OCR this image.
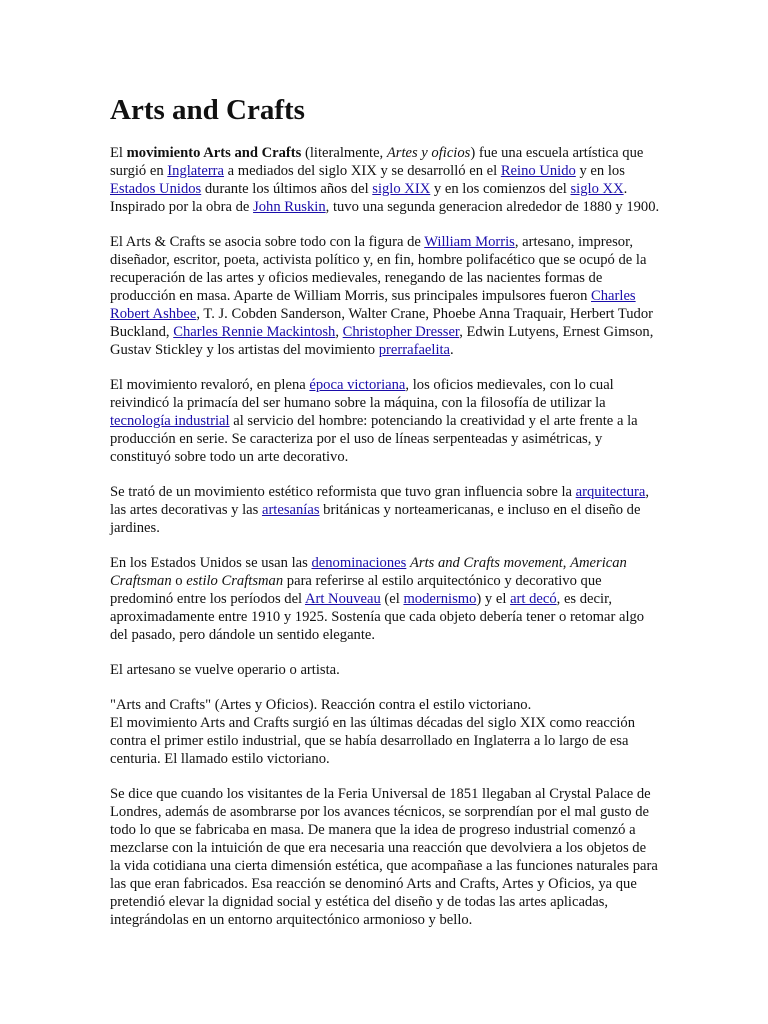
Arts and Crafts

El movimiento Arts and Crafts (literalmente, Artes y oficios) fue una escuela artística que surgió en Inglaterra a mediados del siglo XIX y se desarrolló en el Reino Unido y en los Estados Unidos durante los últimos años del siglo XIX y en los comienzos del siglo XX. Inspirado por la obra de John Ruskin, tuvo una segunda generacion alrededor de 1880 y 1900.

El Arts & Crafts se asocia sobre todo con la figura de William Morris, artesano, impresor, diseñador, escritor, poeta, activista político y, en fin, hombre polifacético que se ocupó de la recuperación de las artes y oficios medievales, renegando de las nacientes formas de producción en masa. Aparte de William Morris, sus principales impulsores fueron Charles Robert Ashbee, T. J. Cobden Sanderson, Walter Crane, Phoebe Anna Traquair, Herbert Tudor Buckland, Charles Rennie Mackintosh, Christopher Dresser, Edwin Lutyens, Ernest Gimson, Gustav Stickley y los artistas del movimiento prerrafaelita.

El movimiento revaloró, en plena época victoriana, los oficios medievales, con lo cual reivindicó la primacía del ser humano sobre la máquina, con la filosofía de utilizar la tecnología industrial al servicio del hombre: potenciando la creatividad y el arte frente a la producción en serie. Se caracteriza por el uso de líneas serpenteadas y asimétricas, y constituyó sobre todo un arte decorativo.

Se trató de un movimiento estético reformista que tuvo gran influencia sobre la arquitectura, las artes decorativas y las artesanías británicas y norteamericanas, e incluso en el diseño de jardines.

En los Estados Unidos se usan las denominaciones Arts and Crafts movement, American Craftsman o estilo Craftsman para referirse al estilo arquitectónico y decorativo que predominó entre los períodos del Art Nouveau (el modernismo) y el art decó, es decir, aproximadamente entre 1910 y 1925. Sostenía que cada objeto debería tener o retomar algo del pasado, pero dándole un sentido elegante.

El artesano se vuelve operario o artista.

"Arts and Crafts" (Artes y Oficios). Reacción contra el estilo victoriano.
El movimiento Arts and Crafts surgió en las últimas décadas del siglo XIX como reacción contra el primer estilo industrial, que se había desarrollado en Inglaterra a lo largo de esa centuria. El llamado estilo victoriano.

Se dice que cuando los visitantes de la Feria Universal de 1851 llegaban al Crystal Palace de Londres, además de asombrarse por los avances técnicos, se sorprendían por el mal gusto de todo lo que se fabricaba en masa. De manera que la idea de progreso industrial comenzó a mezclarse con la intuición de que era necesaria una reacción que devolviera a los objetos de la vida cotidiana una cierta dimensión estética, que acompañase a las funciones naturales para las que eran fabricados. Esa reacción se denominó Arts and Crafts, Artes y Oficios, ya que pretendió elevar la dignidad social y estética del diseño y de todas las artes aplicadas, integrándolas en un entorno arquitectónico armonioso y bello.
